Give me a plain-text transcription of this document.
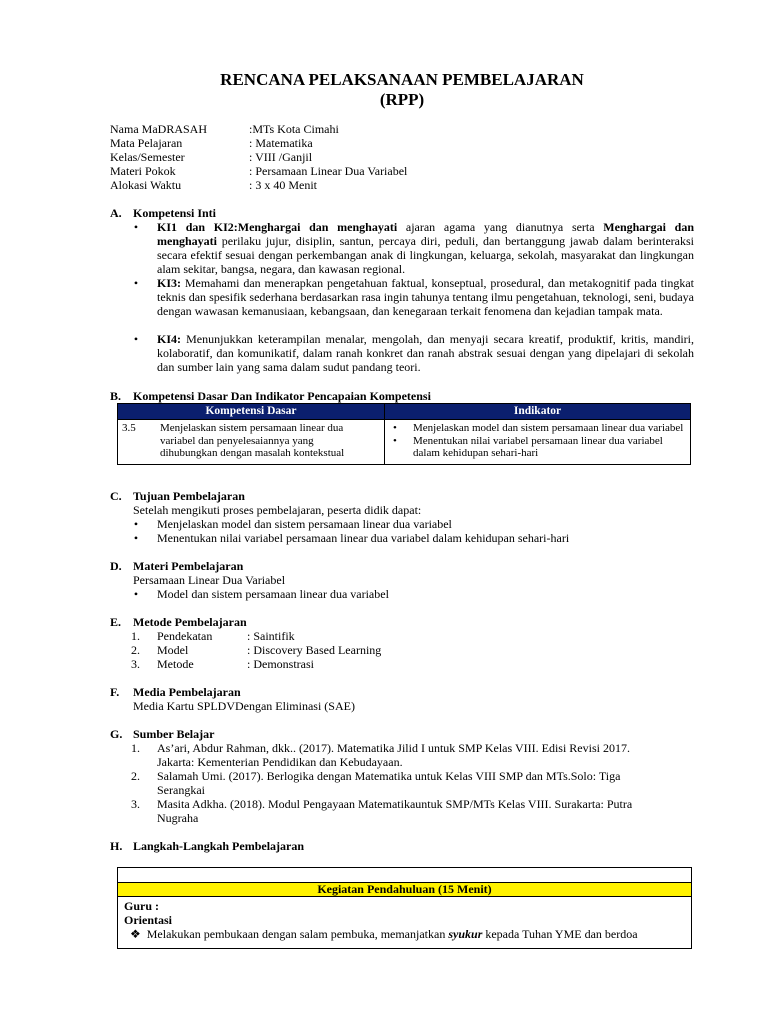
RENCANA PELAKSANAAN PEMBELAJARAN
(RPP)
Nama MaDRASAH	:MTs Kota Cimahi
Mata Pelajaran	: Matematika
Kelas/Semester	: VIII /Ganjil
Materi Pokok	: Persamaan Linear Dua Variabel
Alokasi Waktu	: 3 x 40 Menit
A. Kompetensi Inti
• KI1 dan KI2:Menghargai dan menghayati ajaran agama yang dianutnya serta Menghargai dan menghayati perilaku jujur, disiplin, santun, percaya diri, peduli, dan bertanggung jawab dalam berinteraksi secara efektif sesuai dengan perkembangan anak di lingkungan, keluarga, sekolah, masyarakat dan lingkungan alam sekitar, bangsa, negara, dan kawasan regional.
• KI3: Memahami dan menerapkan pengetahuan faktual, konseptual, prosedural, dan metakognitif pada tingkat teknis dan spesifik sederhana berdasarkan rasa ingin tahunya tentang ilmu pengetahuan, teknologi, seni, budaya dengan wawasan kemanusiaan, kebangsaan, dan kenegaraan terkait fenomena dan kejadian tampak mata.
• KI4: Menunjukkan keterampilan menalar, mengolah, dan menyaji secara kreatif, produktif, kritis, mandiri, kolaboratif, dan komunikatif, dalam ranah konkret dan ranah abstrak sesuai dengan yang dipelajari di sekolah dan sumber lain yang sama dalam sudut pandang teori.
B. Kompetensi Dasar Dan Indikator Pencapaian Kompetensi
Kompetensi Dasar	Indikator
3.5 Menjelaskan sistem persamaan linear dua variabel dan penyelesaiannya yang dihubungkan dengan masalah kontekstual	• Menjelaskan model dan sistem persamaan linear dua variabel
• Menentukan nilai variabel persamaan linear dua variabel dalam kehidupan sehari-hari
C. Tujuan Pembelajaran
Setelah mengikuti proses pembelajaran, peserta didik dapat:
• Menjelaskan model dan sistem persamaan linear dua variabel
• Menentukan nilai variabel persamaan linear dua variabel dalam kehidupan sehari-hari
D. Materi Pembelajaran
Persamaan Linear Dua Variabel
• Model dan sistem persamaan linear dua variabel
E. Metode Pembelajaran
1. Pendekatan	: Saintifik
2. Model	: Discovery Based Learning
3. Metode	: Demonstrasi
F. Media Pembelajaran
Media Kartu SPLDVDengan Eliminasi (SAE)
G. Sumber Belajar
1. As’ari, Abdur Rahman, dkk.. (2017). Matematika Jilid I untuk SMP Kelas VIII. Edisi Revisi 2017.
Jakarta: Kementerian Pendidikan dan Kebudayaan.
2. Salamah Umi. (2017). Berlogika dengan Matematika untuk Kelas VIII SMP dan MTs.Solo: Tiga
Serangkai
3. Masita Adkha. (2018). Modul Pengayaan Matematikauntuk SMP/MTs Kelas VIII. Surakarta: Putra
Nugraha
H. Langkah-Langkah Pembelajaran
Kegiatan Pendahuluan (15 Menit)
Guru :
Orientasi
❖ Melakukan pembukaan dengan salam pembuka, memanjatkan syukur kepada Tuhan YME dan berdoa
